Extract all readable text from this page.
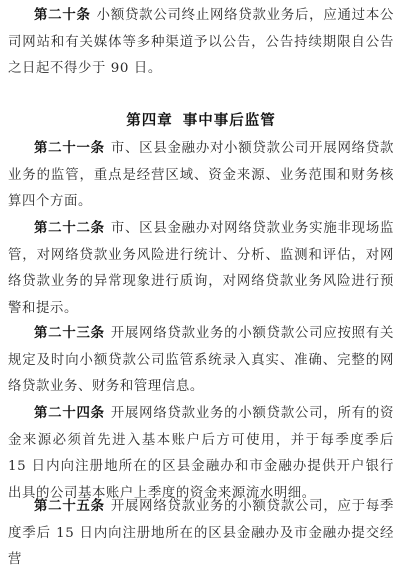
第二十条 小额贷款公司终止网络贷款业务后，应通过本公司网站和有关媒体等多种渠道予以公告，公告持续期限自公告之日起不得少于 90 日。

第四章 事中事后监管

第二十一条 市、区县金融办对小额贷款公司开展网络贷款业务的监管，重点是经营区域、资金来源、业务范围和财务核算四个方面。

第二十二条 市、区县金融办对网络贷款业务实施非现场监管，对网络贷款业务风险进行统计、分析、监测和评估，对网络贷款业务的异常现象进行质询，对网络贷款业务风险进行预警和提示。

第二十三条 开展网络贷款业务的小额贷款公司应按照有关规定及时向小额贷款公司监管系统录入真实、准确、完整的网络贷款业务、财务和管理信息。

第二十四条 开展网络贷款业务的小额贷款公司，所有的资金来源必须首先进入基本账户后方可使用，并于每季度季后 15 日内向注册地所在的区县金融办和市金融办提供开户银行出具的公司基本账户上季度的资金来源流水明细。

第二十五条 开展网络贷款业务的小额贷款公司，应于每季度季后 15 日内向注册地所在的区县金融办及市金融办提交经营
